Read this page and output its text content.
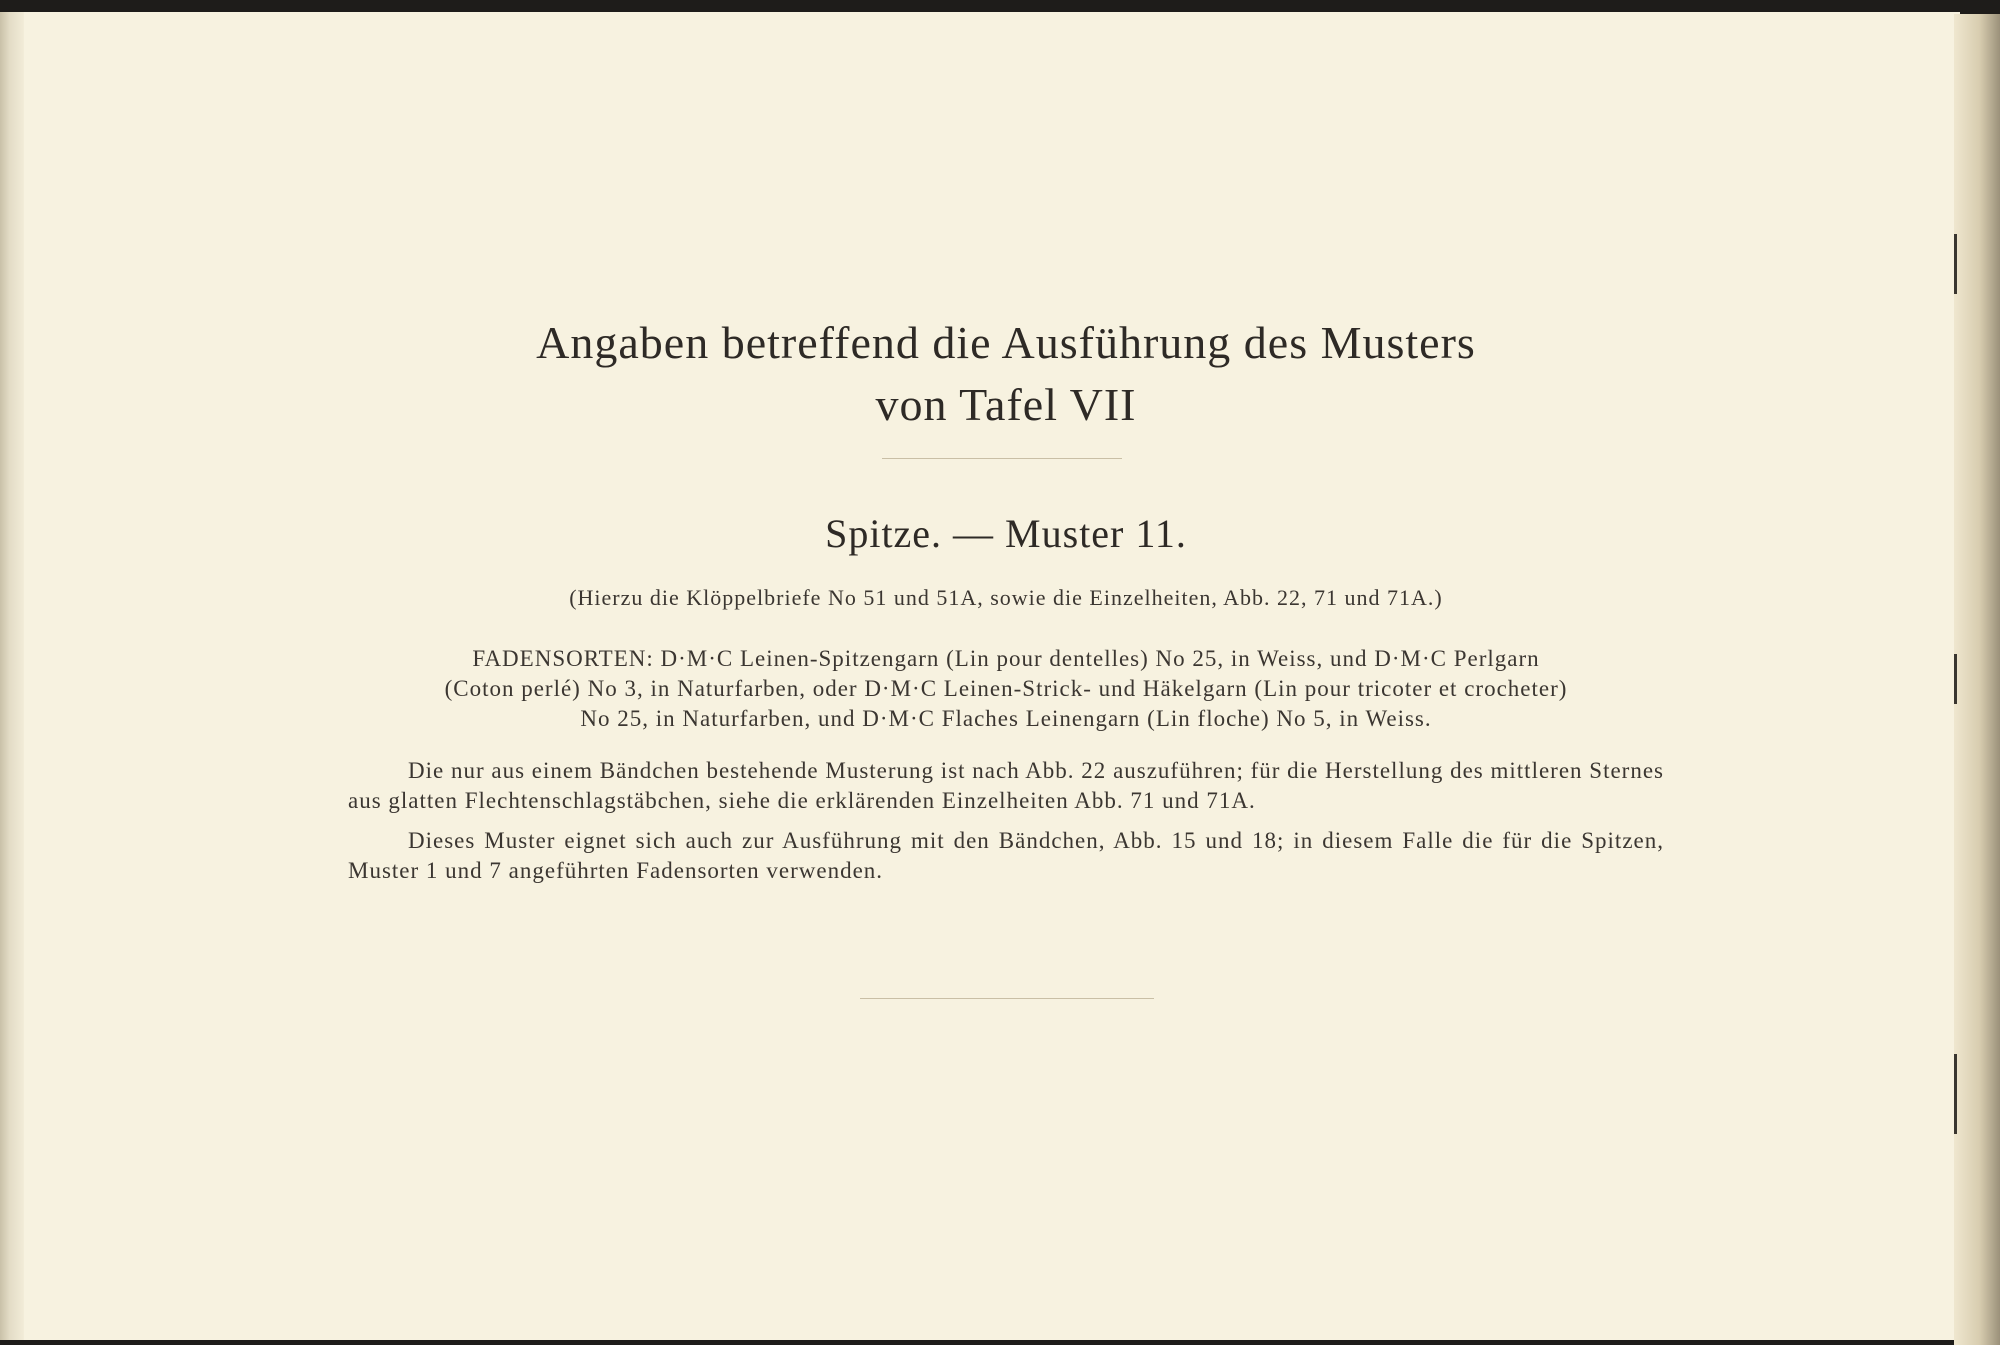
Angaben betreffend die Ausführung des Musters
von Tafel VII
Spitze. — Muster 11.
(Hierzu die Klöppelbriefe No 51 und 51A, sowie die Einzelheiten, Abb. 22, 71 und 71A.)
FADENSORTEN: D·M·C Leinen-Spitzengarn (Lin pour dentelles) No 25, in Weiss, und D·M·C Perlgarn
(Coton perlé) No 3, in Naturfarben, oder D·M·C Leinen-Strick- und Häkelgarn (Lin pour tricoter et crocheter)
No 25, in Naturfarben, und D·M·C Flaches Leinengarn (Lin floche) No 5, in Weiss.
Die nur aus einem Bändchen bestehende Musterung ist nach Abb. 22 auszuführen; für die Herstellung des mittleren Sternes aus glatten Flechtenschlagstäbchen, siehe die erklärenden Einzelheiten Abb. 71 und 71A.
Dieses Muster eignet sich auch zur Ausführung mit den Bändchen, Abb. 15 und 18; in diesem Falle die für die Spitzen, Muster 1 und 7 angeführten Fadensorten verwenden.
